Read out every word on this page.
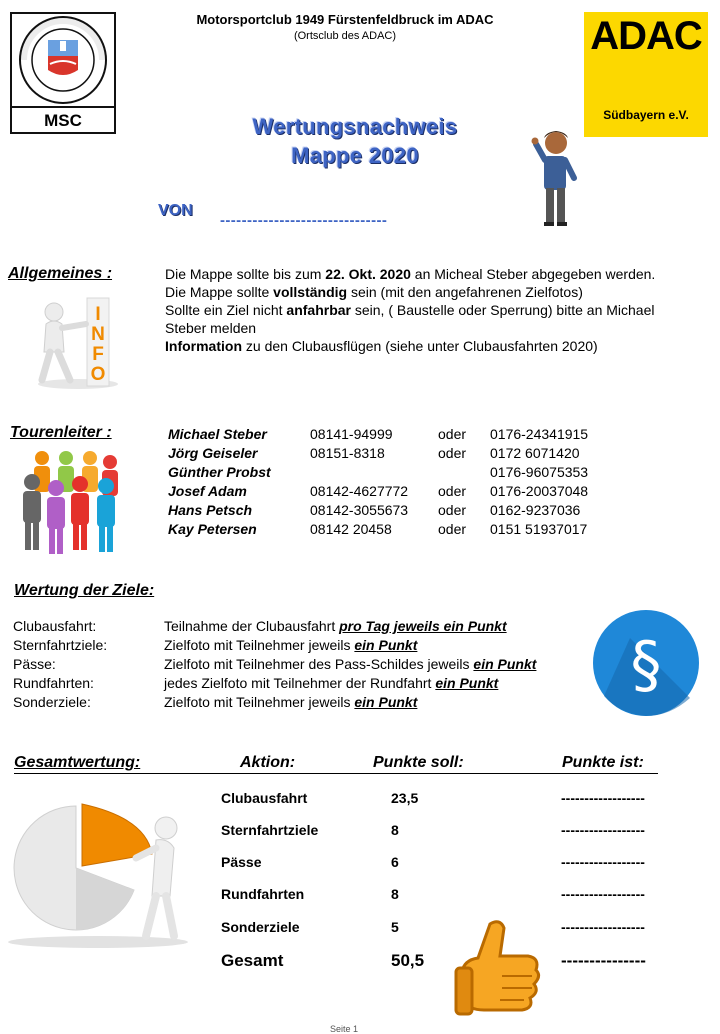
Motorsportclub 1949 Fürstenfeldbruck im ADAC
(Ortsclub des ADAC)
MSC
ADAC
Südbayern e.V.
Wertungsnachweis
Mappe 2020
VON
-------------------------------
Allgemeines :
I
N
F
O
Die Mappe sollte bis zum 22. Okt. 2020 an Micheal Steber abgegeben werden.
Die Mappe sollte vollständig sein (mit den angefahrenen Zielfotos)
Sollte ein Ziel nicht anfahrbar sein, ( Baustelle oder Sperrung) bitte an Michael Steber melden
Information zu den Clubausflügen (siehe unter Clubausfahrten 2020)
Tourenleiter :	Michael Steber	08141-94999	oder 0176-24341915
Jörg Geiseler	08151-8318	oder 0172 6071420
Günther Probst	0176-96075353
Josef Adam	08142-4627772 oder 0176-20037048
Hans Petsch	08142-3055673 oder 0162-9237036
Kay Petersen	08142 20458	oder 0151 51937017
Wertung der Ziele:
Clubausfahrt:	Teilnahme der Clubausfahrt pro Tag jeweils ein Punkt
Sternfahrtziele:	Zielfoto mit Teilnehmer jeweils ein Punkt
Pässe:	Zielfoto mit Teilnehmer des Pass-Schildes jeweils ein Punkt
Rundfahrten:	jedes Zielfoto mit Teilnehmer der Rundfahrt ein Punkt
Sonderziele:	Zielfoto mit Teilnehmer jeweils ein Punkt
§
Gesamtwertung:	Aktion:	Punkte soll:	Punkte ist:
Clubausfahrt	23,5	------------------
Sternfahrtziele	8	------------------
Pässe	6	------------------
Rundfahrten	8	------------------
Sonderziele	5	------------------
Gesamt	50,5	---------------
Seite 1
